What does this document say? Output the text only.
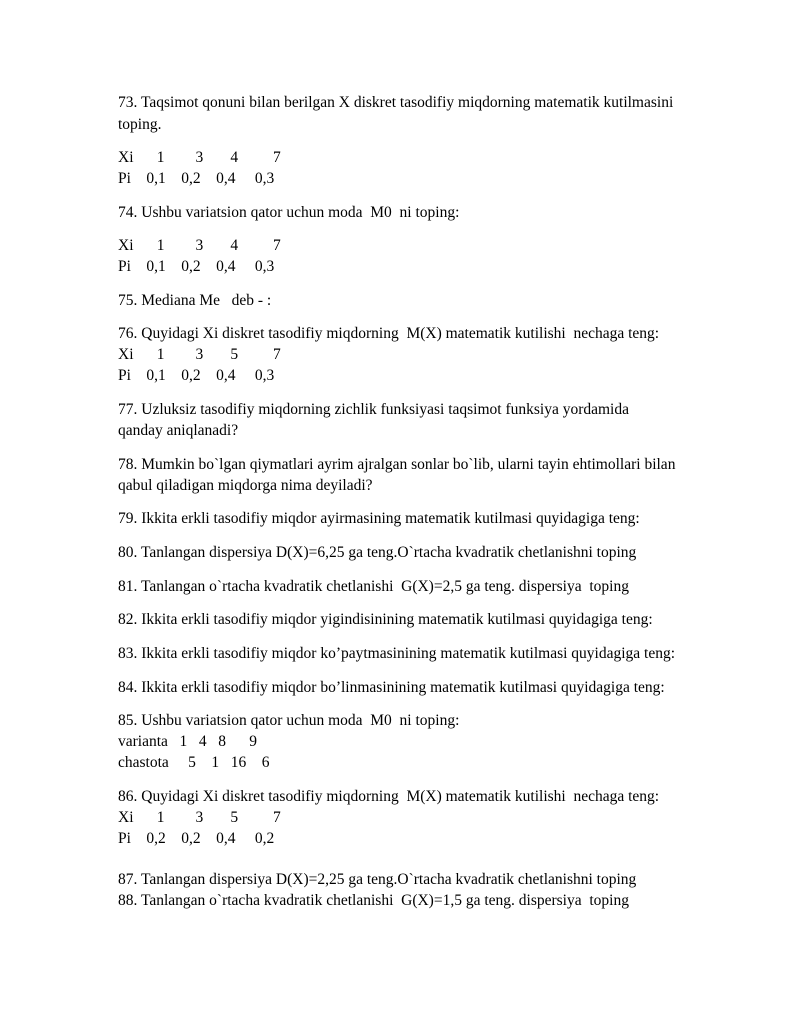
73. Taqsimot qonuni bilan berilgan X diskret tasodifiy miqdorning matematik kutilmasini
toping.
Xi      1        3       4         7
Pi    0,1    0,2    0,4     0,3
74. Ushbu variatsion qator uchun moda  M0  ni toping:
Xi      1        3       4         7
Pi    0,1    0,2    0,4     0,3
75. Mediana Me   deb - :
76. Quyidagi Xi diskret tasodifiy miqdorning  M(X) matematik kutilishi  nechaga teng:
Xi      1        3       5         7
Pi    0,1    0,2    0,4     0,3
77. Uzluksiz tasodifiy miqdorning zichlik funksiyasi taqsimot funksiya yordamida
qanday aniqlanadi?
78. Mumkin bo`lgan qiymatlari ayrim ajralgan sonlar bo`lib, ularni tayin ehtimollari bilan
qabul qiladigan miqdorga nima deyiladi?
79. Ikkita erkli tasodifiy miqdor ayirmasining matematik kutilmasi quyidagiga teng:
80. Tanlangan dispersiya D(X)=6,25 ga teng.O`rtacha kvadratik chetlanishni toping
81. Tanlangan o`rtacha kvadratik chetlanishi  G(X)=2,5 ga teng. dispersiya  toping
82. Ikkita erkli tasodifiy miqdor yigindisinining matematik kutilmasi quyidagiga teng:
83. Ikkita erkli tasodifiy miqdor ko’paytmasinining matematik kutilmasi quyidagiga teng:
84. Ikkita erkli tasodifiy miqdor bo’linmasinining matematik kutilmasi quyidagiga teng:
85. Ushbu variatsion qator uchun moda  M0  ni toping:
varianta   1   4   8      9
chastota     5    1   16    6
86. Quyidagi Xi diskret tasodifiy miqdorning  M(X) matematik kutilishi  nechaga teng:
Xi      1        3       5         7
Pi    0,2    0,2    0,4     0,2
87. Tanlangan dispersiya D(X)=2,25 ga teng.O`rtacha kvadratik chetlanishni toping
88. Tanlangan o`rtacha kvadratik chetlanishi  G(X)=1,5 ga teng. dispersiya  toping
